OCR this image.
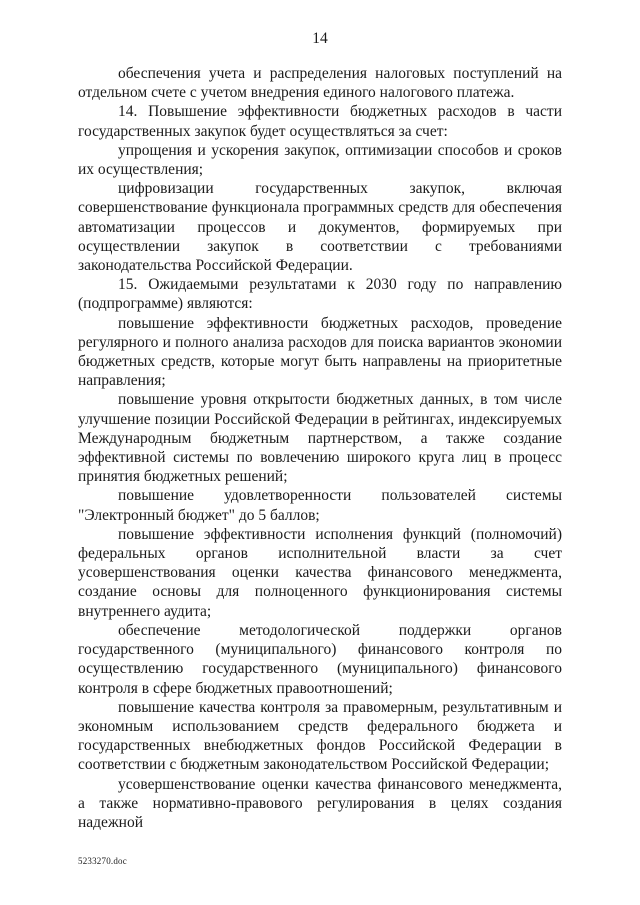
14

обеспечения учета и распределения налоговых поступлений на отдельном счете с учетом внедрения единого налогового платежа.

14. Повышение эффективности бюджетных расходов в части государственных закупок будет осуществляться за счет:

упрощения и ускорения закупок, оптимизации способов и сроков их осуществления;

цифровизации государственных закупок, включая совершенствование функционала программных средств для обеспечения автоматизации процессов и документов, формируемых при осуществлении закупок в соответствии с требованиями законодательства Российской Федерации.

15. Ожидаемыми результатами к 2030 году по направлению (подпрограмме) являются:

повышение эффективности бюджетных расходов, проведение регулярного и полного анализа расходов для поиска вариантов экономии бюджетных средств, которые могут быть направлены на приоритетные направления;

повышение уровня открытости бюджетных данных, в том числе улучшение позиции Российской Федерации в рейтингах, индексируемых Международным бюджетным партнерством, а также создание эффективной системы по вовлечению широкого круга лиц в процесс принятия бюджетных решений;

повышение удовлетворенности пользователей системы "Электронный бюджет" до 5 баллов;

повышение эффективности исполнения функций (полномочий) федеральных органов исполнительной власти за счет усовершенствования оценки качества финансового менеджмента, создание основы для полноценного функционирования системы внутреннего аудита;

обеспечение методологической поддержки органов государственного (муниципального) финансового контроля по осуществлению государственного (муниципального) финансового контроля в сфере бюджетных правоотношений;

повышение качества контроля за правомерным, результативным и экономным использованием средств федерального бюджета и государственных внебюджетных фондов Российской Федерации в соответствии с бюджетным законодательством Российской Федерации;

усовершенствование оценки качества финансового менеджмента, а также нормативно-правового регулирования в целях создания надежной

5233270.doc
